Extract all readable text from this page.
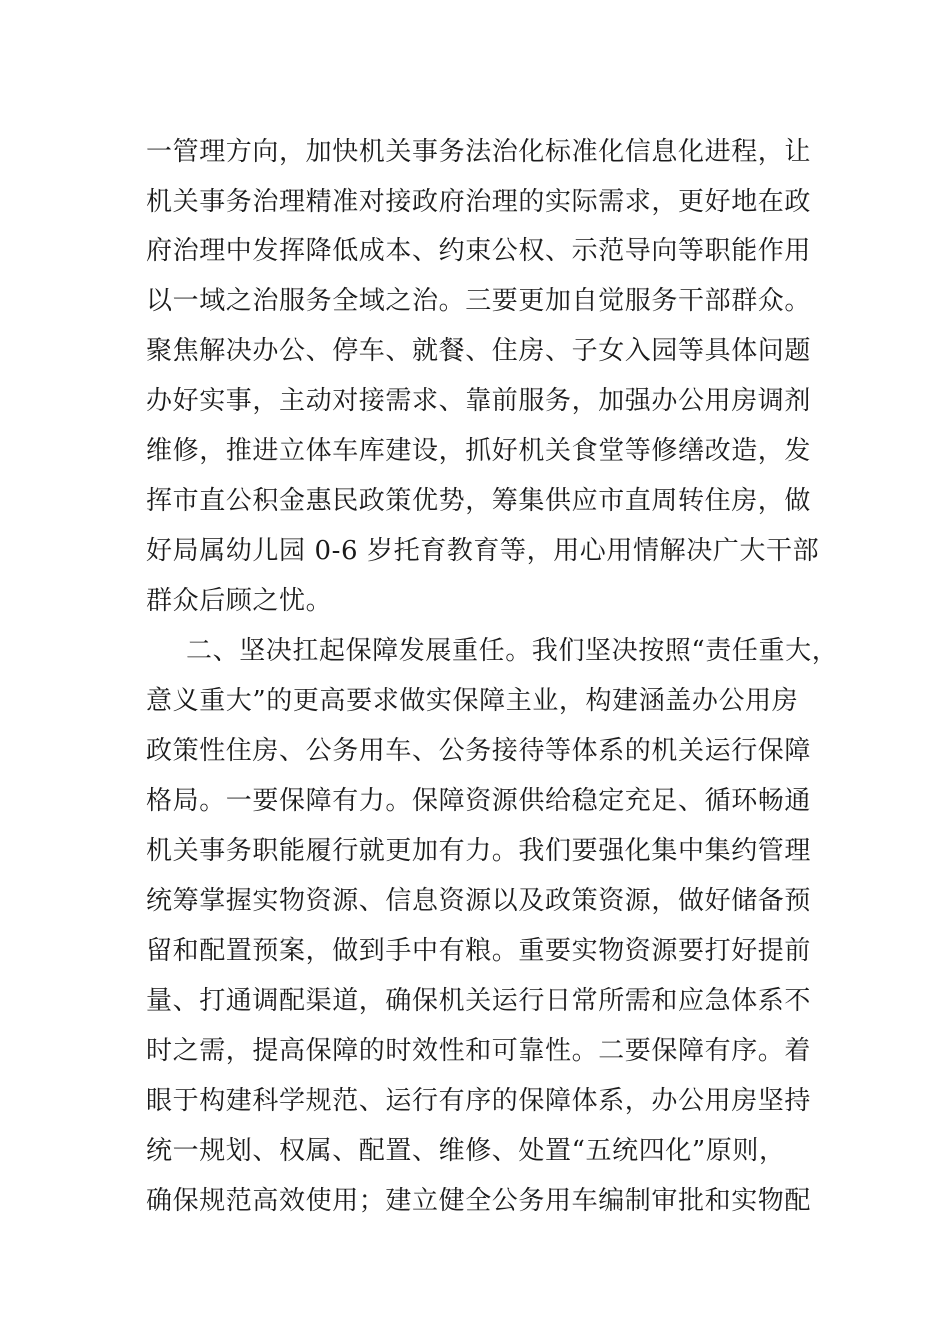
一管理方向，加快机关事务法治化标准化信息化进程，让
机关事务治理精准对接政府治理的实际需求，更好地在政
府治理中发挥降低成本、约束公权、示范导向等职能作用
以一域之治服务全域之治。三要更加自觉服务干部群众。
聚焦解决办公、停车、就餐、住房、子女入园等具体问题
办好实事，主动对接需求、靠前服务，加强办公用房调剂
维修，推进立体车库建设，抓好机关食堂等修缮改造，发
挥市直公积金惠民政策优势，筹集供应市直周转住房，做
好局属幼儿园 0-6 岁托育教育等，用心用情解决广大干部
群众后顾之忧。
二、坚决扛起保障发展重任。我们坚决按照“责任重大，
意义重大”的更高要求做实保障主业，构建涵盖办公用房
政策性住房、公务用车、公务接待等体系的机关运行保障
格局。一要保障有力。保障资源供给稳定充足、循环畅通
机关事务职能履行就更加有力。我们要强化集中集约管理
统筹掌握实物资源、信息资源以及政策资源，做好储备预
留和配置预案，做到手中有粮。重要实物资源要打好提前
量、打通调配渠道，确保机关运行日常所需和应急体系不
时之需，提高保障的时效性和可靠性。二要保障有序。着
眼于构建科学规范、运行有序的保障体系，办公用房坚持
统一规划、权属、配置、维修、处置“五统四化”原则，
确保规范高效使用；建立健全公务用车编制审批和实物配
